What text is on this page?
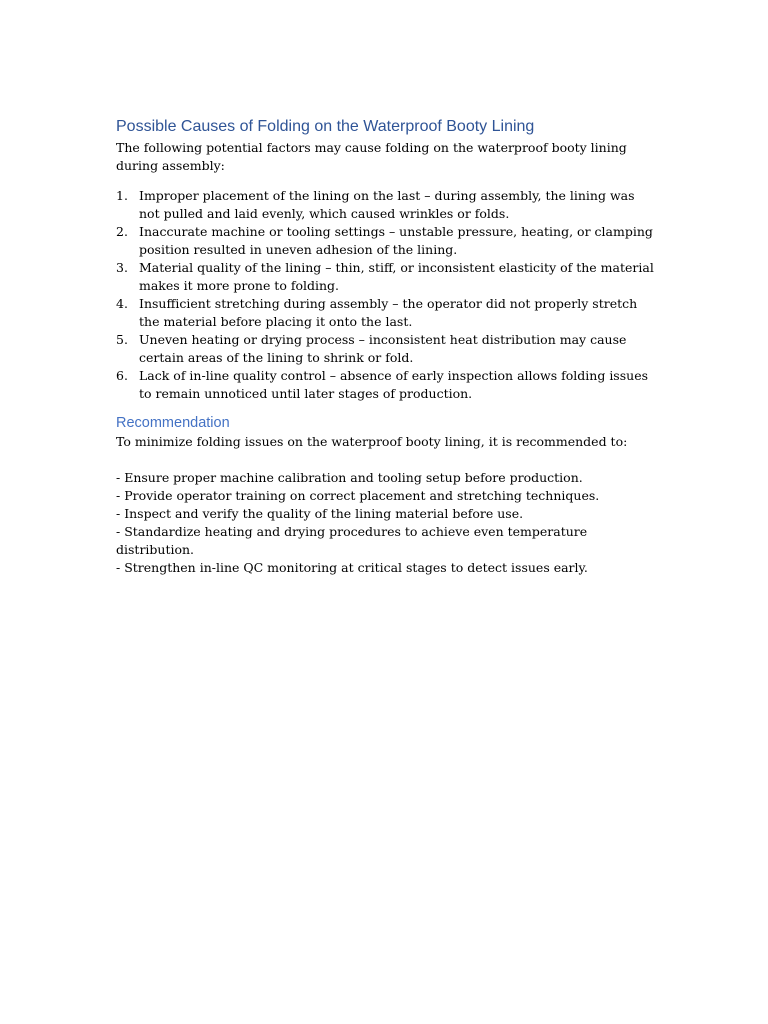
Possible Causes of Folding on the Waterproof Booty Lining

The following potential factors may cause folding on the waterproof booty lining during assembly:

1. Improper placement of the lining on the last – during assembly, the lining was not pulled and laid evenly, which caused wrinkles or folds.
2. Inaccurate machine or tooling settings – unstable pressure, heating, or clamping position resulted in uneven adhesion of the lining.
3. Material quality of the lining – thin, stiff, or inconsistent elasticity of the material makes it more prone to folding.
4. Insufficient stretching during assembly – the operator did not properly stretch the material before placing it onto the last.
5. Uneven heating or drying process – inconsistent heat distribution may cause certain areas of the lining to shrink or fold.
6. Lack of in-line quality control – absence of early inspection allows folding issues to remain unnoticed until later stages of production.
Recommendation

To minimize folding issues on the waterproof booty lining, it is recommended to:

- Ensure proper machine calibration and tooling setup before production.

- Provide operator training on correct placement and stretching techniques.

- Inspect and verify the quality of the lining material before use.

- Standardize heating and drying procedures to achieve even temperature distribution.

- Strengthen in-line QC monitoring at critical stages to detect issues early.
